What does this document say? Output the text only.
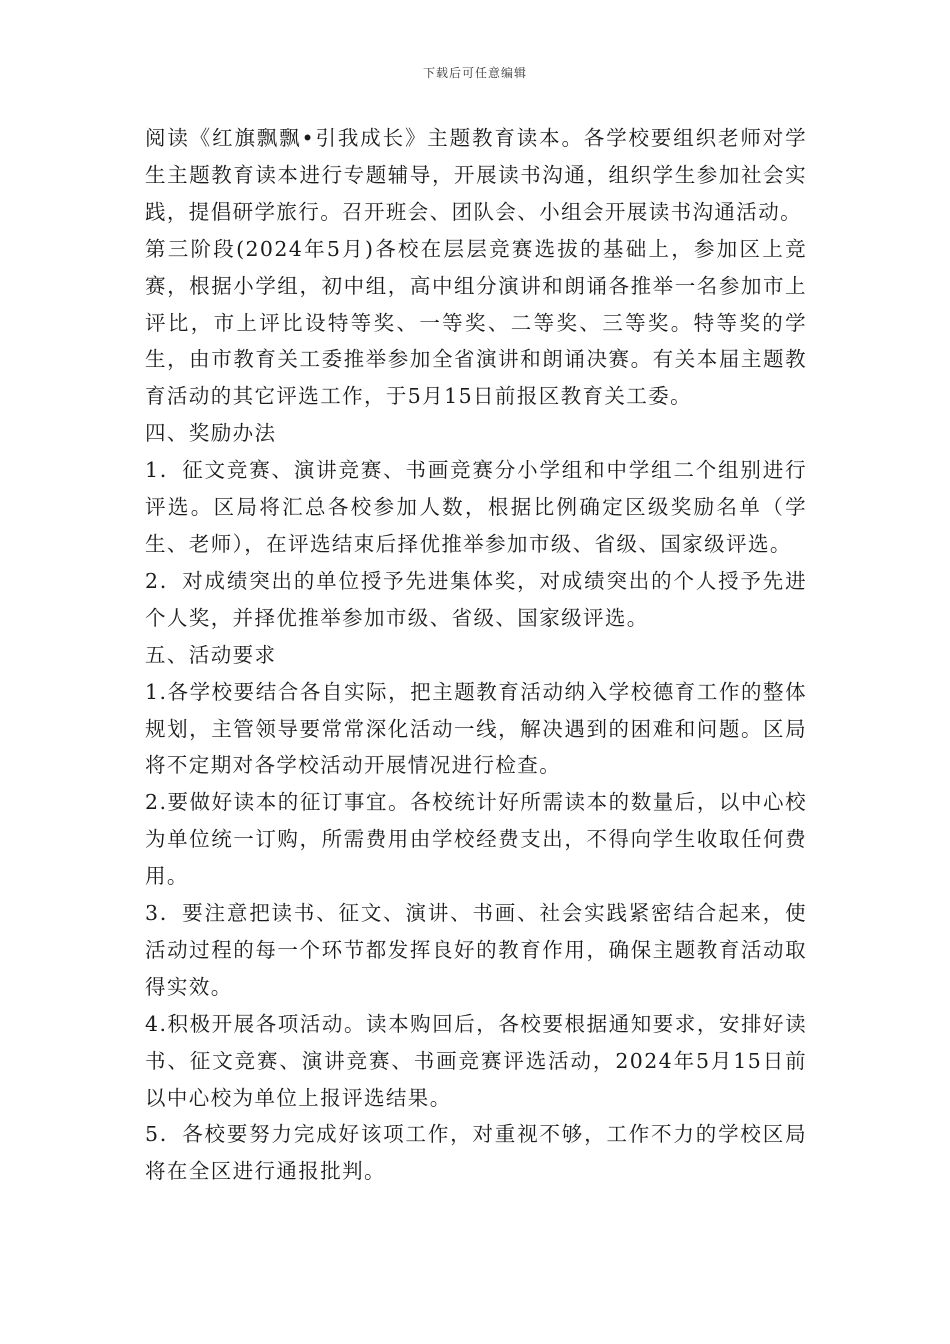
下载后可任意编辑

阅读《红旗飘飘•引我成长》主题教育读本。各学校要组织老师对学生主题教育读本进行专题辅导，开展读书沟通，组织学生参加社会实践，提倡研学旅行。召开班会、团队会、小组会开展读书沟通活动。

第三阶段(2024年5月)各校在层层竞赛选拔的基础上，参加区上竞赛，根据小学组，初中组，高中组分演讲和朗诵各推举一名参加市上评比，市上评比设特等奖、一等奖、二等奖、三等奖。特等奖的学生，由市教育关工委推举参加全省演讲和朗诵决赛。有关本届主题教育活动的其它评选工作，于5月15日前报区教育关工委。

四、奖励办法

1．征文竞赛、演讲竞赛、书画竞赛分小学组和中学组二个组别进行评选。区局将汇总各校参加人数，根据比例确定区级奖励名单（学生、老师），在评选结束后择优推举参加市级、省级、国家级评选。

2．对成绩突出的单位授予先进集体奖，对成绩突出的个人授予先进个人奖，并择优推举参加市级、省级、国家级评选。

五、活动要求

1.各学校要结合各自实际，把主题教育活动纳入学校德育工作的整体规划，主管领导要常常深化活动一线，解决遇到的困难和问题。区局将不定期对各学校活动开展情况进行检查。

2.要做好读本的征订事宜。各校统计好所需读本的数量后，以中心校为单位统一订购，所需费用由学校经费支出，不得向学生收取任何费用。

3．要注意把读书、征文、演讲、书画、社会实践紧密结合起来，使活动过程的每一个环节都发挥良好的教育作用，确保主题教育活动取得实效。

4.积极开展各项活动。读本购回后，各校要根据通知要求，安排好读书、征文竞赛、演讲竞赛、书画竞赛评选活动，2024年5月15日前以中心校为单位上报评选结果。

5．各校要努力完成好该项工作，对重视不够，工作不力的学校区局将在全区进行通报批判。
